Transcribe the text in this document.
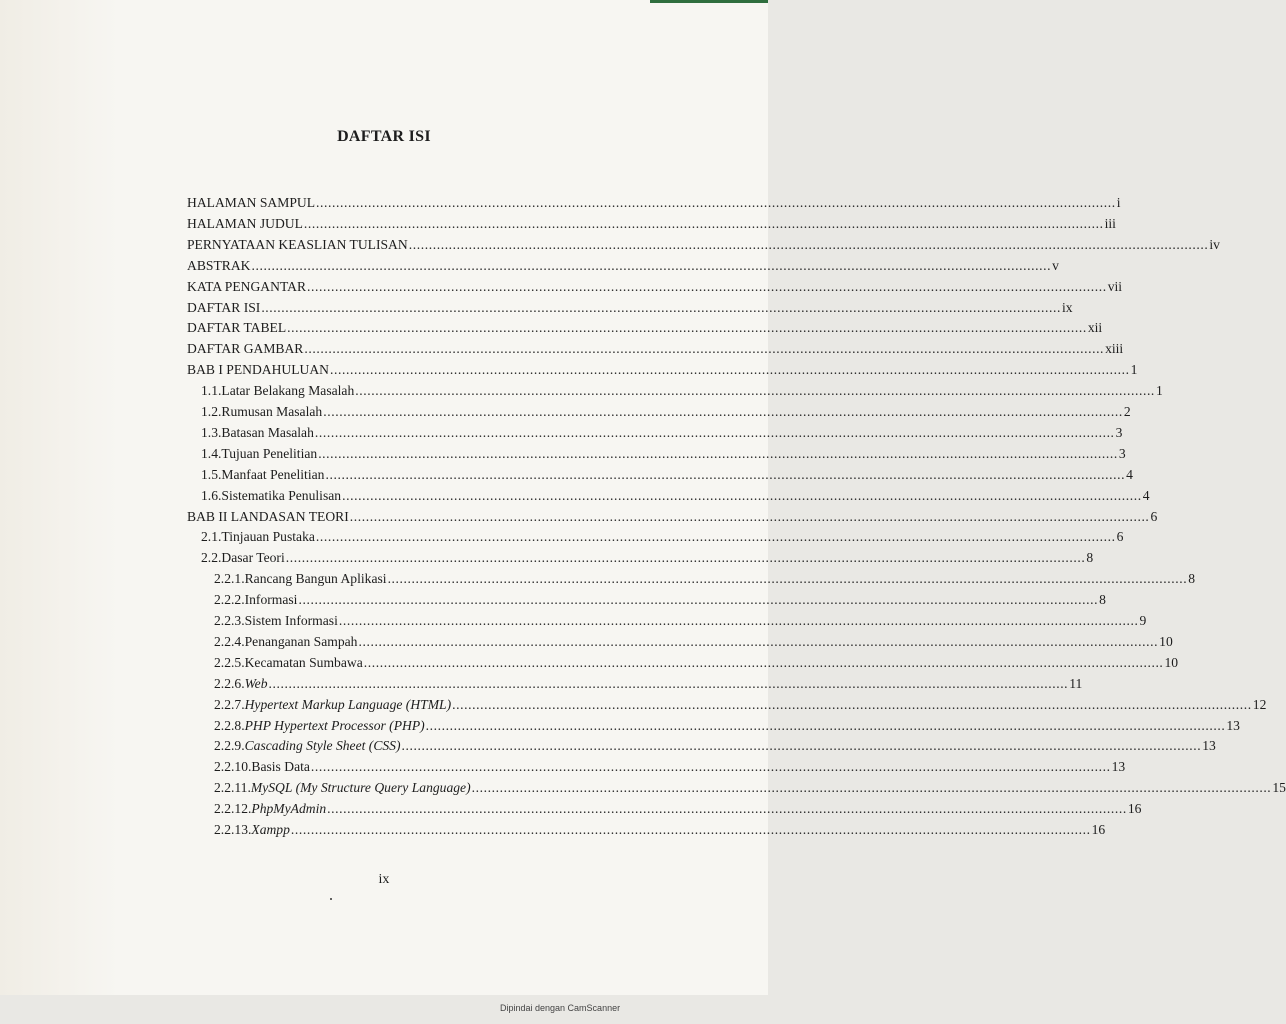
DAFTAR ISI
HALAMAN SAMPUL ........................................................................................................................................................................................................ i
HALAMAN JUDUL ........................................................................................................................................................................................................ iii
PERNYATAAN KEASLIAN TULISAN ........................................................................................................................................................................................................ iv
ABSTRAK ........................................................................................................................................................................................................ v
KATA PENGANTAR ........................................................................................................................................................................................................ vii
DAFTAR ISI ........................................................................................................................................................................................................ ix
DAFTAR TABEL ........................................................................................................................................................................................................ xii
DAFTAR GAMBAR ........................................................................................................................................................................................................ xiii
BAB I PENDAHULUAN ........................................................................................................................................................................................................ 1
1.1. Latar Belakang Masalah ........................................................................................................................................................................................................ 1
1.2. Rumusan Masalah ........................................................................................................................................................................................................ 2
1.3. Batasan Masalah ........................................................................................................................................................................................................ 3
1.4. Tujuan Penelitian ........................................................................................................................................................................................................ 3
1.5. Manfaat Penelitian ........................................................................................................................................................................................................ 4
1.6. Sistematika Penulisan ........................................................................................................................................................................................................ 4
BAB II LANDASAN TEORI ........................................................................................................................................................................................................ 6
2.1. Tinjauan Pustaka ........................................................................................................................................................................................................ 6
2.2. Dasar Teori ........................................................................................................................................................................................................ 8
2.2.1. Rancang Bangun Aplikasi ........................................................................................................................................................................................................ 8
2.2.2. Informasi ........................................................................................................................................................................................................ 8
2.2.3. Sistem Informasi ........................................................................................................................................................................................................ 9
2.2.4. Penanganan Sampah ........................................................................................................................................................................................................ 10
2.2.5. Kecamatan Sumbawa ........................................................................................................................................................................................................ 10
2.2.6. Web ........................................................................................................................................................................................................ 11
2.2.7. Hypertext Markup Language (HTML) ........................................................................................................................................................................................................ 12
2.2.8. PHP Hypertext Processor (PHP) ........................................................................................................................................................................................................ 13
2.2.9. Cascading Style Sheet (CSS) ........................................................................................................................................................................................................ 13
2.2.10. Basis Data ........................................................................................................................................................................................................ 13
2.2.11. MySQL (My Structure Query Language) ........................................................................................................................................................................................................ 15
2.2.12. PhpMyAdmin ........................................................................................................................................................................................................ 16
2.2.13. Xampp ........................................................................................................................................................................................................ 16
ix
Dipindai dengan CamScanner
